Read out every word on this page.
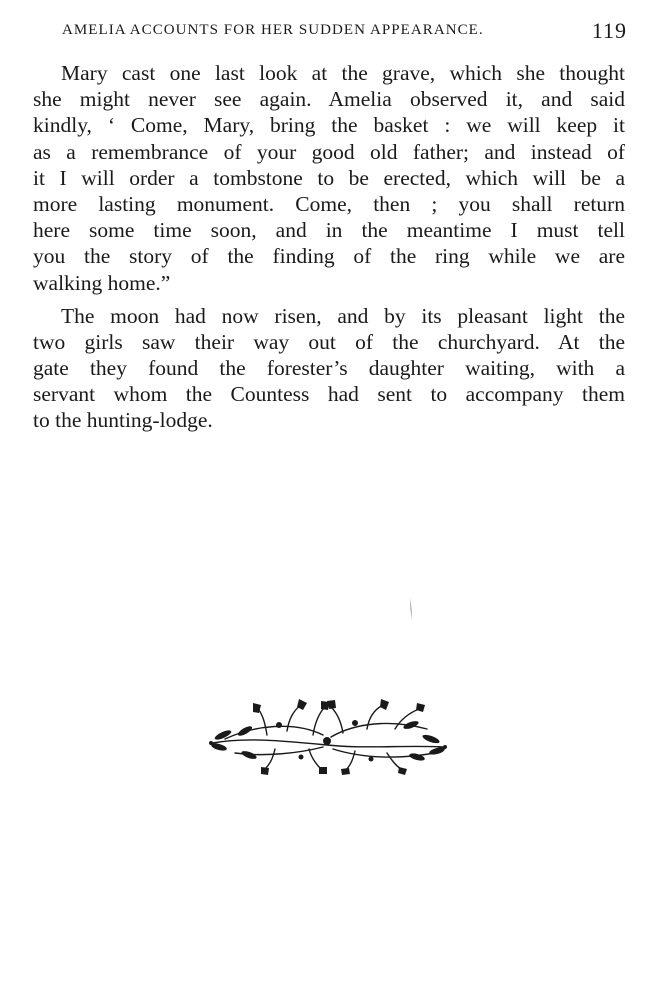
AMELIA ACCOUNTS FOR HER SUDDEN APPEARANCE.	119
Mary cast one last look at the grave, which she thought
she might never see again. Amelia observed it, and said
kindly, ‘ Come, Mary, bring the basket : we will keep it
as a remembrance of your good old father; and instead of
it I will order a tombstone to be erected, which will be a
more lasting monument. Come, then ; you shall return
here some time soon, and in the meantime I must tell
you the story of the finding of the ring while we are
walking home.”
The moon had now risen, and by its pleasant light the
two girls saw their way out of the churchyard. At the
gate they found the forester’s daughter waiting, with a
servant whom the Countess had sent to accompany them
to the hunting-lodge.
